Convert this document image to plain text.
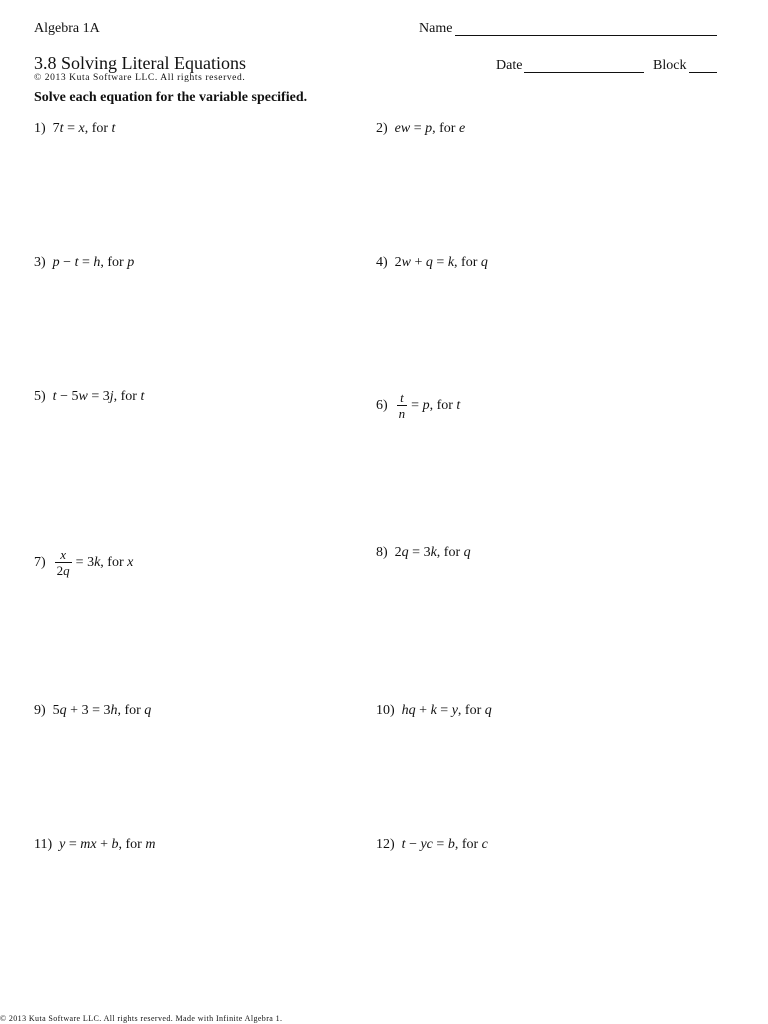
Algebra 1A	Name
3.8 Solving Literal Equations
© 2013 Kuta Software LLC. All rights reserved.
Date	Block
Solve each equation for the variable specified.
1) 7t = x, for t	2) ew = p, for e
3) p − t = h, for p	4) 2w + q = k, for q
5) t − 5w = 3j, for t
$6) \frac{t}{n} = p$, for t
$7) \frac{x}{2q} = 3k$, for x
8) 2q = 3k, for q
9) 5q + 3 = 3h, for q	10) hq + k = y, for q
11) y = mx + b, for m	12) t − yc = b, for c
© 2013 Kuta Software LLC. All rights reserved. Made with Infinite Algebra 1.
